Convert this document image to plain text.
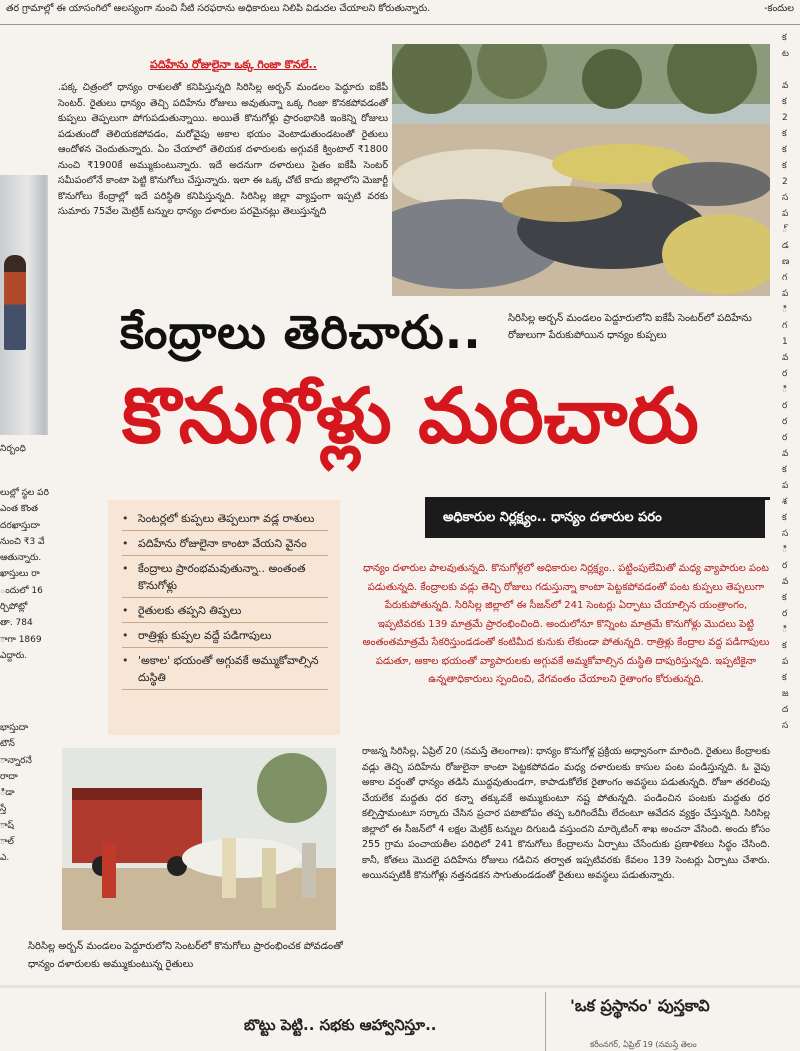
తర గ్రామాల్లో ఈ యాసంగిలో ఆలస్యంగా నుంచి నీటి సరఫరాను అధికారులు నిలిపి విడుదల చేయాలని కోరుతున్నారు.	-కందుల
నిర్బంధి
లుల్లో స్థల పరి
ఎంత కొంత
దరఖాస్తుదా
నుంచి ₹3 వే
ఆతున్నారు.
ఖాస్తులు రా
ందులో 16
ర్చిపోట్లో
తా. 784
ాగా 1869
ఎద్దారు.
భాస్తుదా
టౌన్
ాన్నారనే
రాదా
ిడా
స్తే
ాష్
ాల్
ఎ.
క
ట

వ
క
2
క
క
క
2
స
ప
్
డ
ణ
గ
ప
ి
గ
1
వ
ర
ి
ర
ర
ర
వ
క
ప
శ
క
స
ి
ర
వ
క
ర
ి
క
ప
క
జ
ద
స
పదిహేను రోజులైనా ఒక్క గింజా కొనలే..
.పక్క చిత్రంలో ధాన్యం రాశులతో కనిపిస్తున్నది సిరిసిల్ల అర్బన్ మండలం పెద్దూరు ఐకేపీ సెంటర్. రైతులు ధాన్యం తెచ్చి పదిహేను రోజులు అవుతున్నా ఒక్క గింజా కొనకపోవడంతో కుప్పలు తెప్పలుగా పోగుపడుతున్నాయి. అయితే కొనుగోళ్లు ప్రారంభానికి ఇంకెన్ని రోజులు పడుతుందో తెలియకపోవడం, మరోవైపు అకాల భయం వెంటాడుతుండటంతో రైతులు ఆందోళన చెందుతున్నారు. ఏం చేయాలో తెలియక దళారులకు అగ్గువకే క్వింటాల్ ₹1800 నుంచి ₹1900కే అమ్ముకుంటున్నారు. ఇదే అదనుగా దళారులు సైతం ఐకేపీ సెంటర్ సమీపంలోనే కాంటా పెట్టి కొనుగోలు చేస్తున్నారు. ఇలా ఈ ఒక్క చోటే కాదు జిల్లాలోని మెజార్టీ కొనుగోలు కేంద్రాల్లో ఇదే పరిస్థితి కనిపిస్తున్నది. సిరిసిల్ల జిల్లా వ్యాప్తంగా ఇప్పటి వరకు సుమారు 75వేల మెట్రిక్ టన్నుల ధాన్యం దళారుల పరమైనట్లు తెలుస్తున్నది
సిరిసిల్ల అర్బన్ మండలం పెద్దూరులోని ఐకేపీ సెంటర్‌లో పదిహేను రోజులుగా పేరుకుపోయిన ధాన్యం కుప్పలు
కేంద్రాలు తెరిచారు..
కొనుగోళ్లు మరిచారు
అధికారుల నిర్లక్ష్యం.. ధాన్యం దళారుల పరం
ధాన్యం దళారుల పాలవుతున్నది. కొనుగోళ్లలో అధికారుల నిర్లక్ష్యం.. పట్టింపులేమితో మధ్య వ్యాపారుల పంట పడుతున్నది. కేంద్రాలకు వడ్లు తెచ్చి రోజులు గడుస్తున్నా కాంటా పెట్టకపోవడంతో పంట కుప్పలు తెప్పలుగా పేరుకుపోతున్నది. సిరిసిల్ల జిల్లాలో ఈ సీజన్‌లో 241 సెంటర్లు ఏర్పాటు చేయాల్సిన యంత్రాంగం, ఇప్పటివరకు 139 మాత్రమే ప్రారంభించింది. అందులోనూ కొన్నింట మాత్రమే కొనుగోళ్లు మొదలు పెట్టి అంతంతమాత్రమే సేకరిస్తుండడంతో కంటిమీద కునుకు లేకుండా పోతున్నది. రాత్రిళ్లు కేంద్రాల వద్ద పడిగాపులు పడుతూ, అకాల భయంతో వ్యాపారులకు అగ్గువకే అమ్మకోవాల్సిన దుస్థితి దాపురిస్తున్నది. ఇప్పటికైనా ఉన్నతాధికారులు స్పందించి, వేగవంతం చేయాలని రైతాంగం కోరుతున్నది.
రాజన్న సిరిసిల్ల, ఏప్రిల్ 20 (నమస్తే తెలంగాణ): ధాన్యం కొనుగోళ్ల ప్రక్రియ అధ్వానంగా మారింది. రైతులు కేంద్రాలకు వడ్లు తెచ్చి పదిహేను రోజులైనా కాంటా పెట్టకపోవడం మధ్య దళారులకు కాసుల పంట పండిస్తున్నది. ఓ వైపు అకాల వర్షంతో ధాన్యం తడిసి ముద్దవుతుండగా, కాపాడుకోలేక రైతాంగం అవస్థలు పడుతున్నది. రోజూ తరలింపు చేయలేక మద్దతు ధర కన్నా తక్కువకే అమ్ముకుంటూ నష్ట పోతున్నది. పండించిన పంటకు మద్దతు ధర కల్పిస్తామంటూ సర్కారు చేసిన ప్రచార పటాటోపం తప్ప ఒరిగిందేమీ లేదంటూ ఆవేదన వ్యక్తం చేస్తున్నది. సిరిసిల్ల జిల్లాలో ఈ సీజన్‌లో 4 లక్షల మెట్రిక్ టన్నుల దిగుబడి వస్తుందని మార్కెటింగ్ శాఖ అంచనా వేసింది. అందు కోసం 255 గ్రామ పంచాయతీల పరిధిలో 241 కొనుగోలు కేంద్రాలను ఏర్పాటు చేసేందుకు ప్రణాళికలు సిద్ధం చేసింది. కానీ, కోతలు మొదలై పదిహేను రోజులు గడిచిన తర్వాత ఇప్పటివరకు కేవలం 139 సెంటర్లు ఏర్పాటు చేశారు. అయినప్పటికీ కొనుగోళ్లు నత్తనడకన సాగుతుండడంతో రైతులు అవస్థలు పడుతున్నారు.
• సెంటర్లలో కుప్పలు తెప్పలుగా వడ్ల రాశులు
• పదిహేను రోజులైనా కాంటా వేయని వైనం
• కేంద్రాలు ప్రారంభమవుతున్నా.. అంతంత కొనుగోళ్లు
• రైతులకు తప్పని తిప్పలు
• రాత్రిళ్లు కుప్పల వద్దే పడిగాపులు
• 'అకాల' భయంతో అగ్గువకే అమ్ముకోవాల్సిన దుస్థితి
సిరిసిల్ల అర్బన్ మండలం పెద్దూరులోని సెంటర్‌లో కొనుగోలు ప్రారంభించక పోవడంతో ధాన్యం దళారులకు అమ్ముకుంటున్న రైతులు
బొట్టు పెట్టి.. సభకు ఆహ్వానిస్తూ..
'ఒక ప్రస్థానం' పుస్తకావి
కరీంనగర్, ఏప్రిల్ 19 (నమస్తే తెలం
